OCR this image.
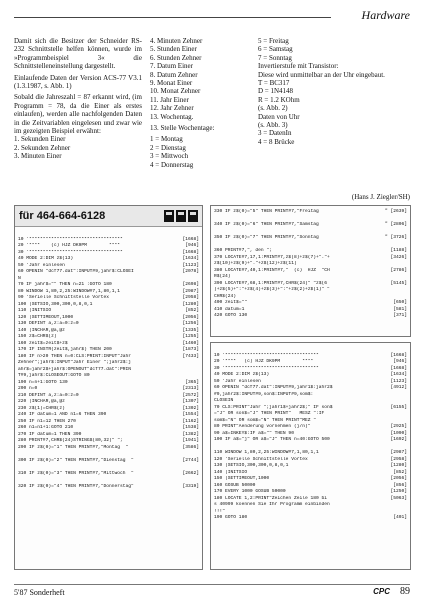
Hardware

Damit sich die Besitzer der Schneider RS-232 Schnittstelle helfen können, wurde im »Programmbeispiel 3« die Schnittstelleneinstellung dargestellt.

Einlaufende Daten der Version ACS-77 V3.1 (1.3.1987, s. Abb. 1)

Sobald die Jahreszahl = 87 erkannt wird, (im Programm = 78, da die Einer als erstes einlaufen), werden alle nachfolgenden Daten in die Zeitvariablen eingelesen und zwar wie im gezeigten Beispiel erwähnt:

1. Sekunden Einer

2. Sekunden Zehner

3. Minuten Einer

4. Minuten Zehner

5. Stunden Einer

6. Stunden Zehner

7. Datum Einer

8. Datum Zehner

9. Monat Einer

10. Monat Zehner

11. Jahr Einer

12. Jahr Zehner

13. Wochentag.

13. Stelle Wochentage:

1 = Montag

2 = Dienstag

3 = Mittwoch

4 = Donnerstag

5 = Freitag

6 = Samstag

7 = Sonntag

Invertierstufe mit Transistor:

Diese wird unmittelbar an der Uhr eingebaut.

T = BC317

D = 1N4148

R = 1.2 KOhm

(s. Abb. 2)

Daten von Uhr

(s. Abb. 3)

3 = DatenIn

4 = 8 Brücke

(Hans J. Ziegler/SH)
für 464-664-6128

10 '**********************************	[1668]
20 '****    (c) HJZ DK9PM        ****	[946]
30 '**********************************	[1668]
40 MODE 2:DIM z$(13)	[1634]
50 'Jahr einlesen	[1123]
60 OPENIN "dcf77.dat":INPUT#9,jahr$:CLOSEI	[2078]
N
70 IF jahr$="" THEN n=21 :GOTO 180	[2698]
80 WINDOW 1,80,2,25:WINDOW#7,1,80,1,1	[2987]
90 'Serielle Schnittstelle Vortex	[2958]
100 |SETSIO,300,300,0,8,0,1	[1280]
110 |INITSIO	[852]
120 |SETTIMEOUT,1000	[2056]
130 DEFINT a,z:a=0:z=0	[1256]
140 |INCHAR,@a,@z	[1335]
150 z$=CHR$(z)	[1255]
160 zeit$=zeit$+z$	[1460]
170 IF INSTR(zeit$,jahr$) THEN 200	[1873]
180 IF n>20 THEN n=0:CLS:PRINT:INPUT"Jahr	[7433]
Zehner";jahr$:INPUT"Jahr Einer ";jahr2$:j
ahr$=jahr2$+jahr$:OPENOUT"dcf77.dat":PRIN
T#9,jahr$:CLOSEOUT:GOTO 80
190 n=n+1:GOTO 130	[365]
200 n=0	[2313]
210 DEFINT a,z:a=0:z=0	[2572]
220 |INCHAR,@a,@z	[1307]
230 z$(1)=CHR$(z)	[1302]
240 IF datum=1 AND n1=6 THEN 390	[1554]
250 IF n1=12 THEN 270	[1162]
260 n1=n1+1:GOTO 210	[1538]
270 IF datum=1 THEN 390	[1382]
280 PRINT#7,CHR$(24)STRING$(80,32)" ";	[1941]
290 IF z$(0)="1" THEN PRINT#7,"Montag  "	[3586]

300 IF z$(0)="2" THEN PRINT#7,"Dienstag  "	[2744]

310 IF z$(0)="3" THEN PRINT#7,"Mittwoch  "	[2662]

320 IF z$(0)="4" THEN PRINT#7,"Donnerstag"	[3319]
330 IF z$(0)="5" THEN PRINT#7,"Freitag	" [2639]

340 IF z$(0)="6" THEN PRINT#7,"Samstag	" [2806]

350 IF z$(0)="7" THEN PRINT#7,"Sonntag	" [3726]

360 PRINT#7,", den ";	[1188]
370 LOCATE#7,17,1:PRINT#7,z$(8)+z$(7)+"."+	[3426]
z$(10)+z$(9)+"."+z$(12)+z$(11)
380 LOCATE#7,40,1:PRINT#7,"  (c)  HJZ  "CH	[2786]
R$(24)
390 LOCATE#7,68,1:PRINT#7,CHR$(24)" "z$(6	[5145]
)+z$(5)+":"+z$(4)+z$(3)+":"+z$(2)+z$(1)" "
CHR$(24)
400 zeit$=""	[650]
410 datum=1	[581]
420 GOTO 130	[371]

10 '**********************************	[1668]
20 '****   (c) HJZ DK9PM        ****	[946]
30 '**********************************	[1668]
40 MODE 2:DIM z$(13)	[1634]
50 'Jahr einlesen	[1123]
60 OPENIN "dcf77.dat":INPUT#9,jahr1$:jahr2$	[4912]
#9,jahr2$:INPUT#9,son$:INPUT#9,som$:
CLOSEIN
70 CLS:PRINT"Jahr ";jahr1$+jahr2$;" IF son$	[6155]
="J" OR son$="J" THEN PRINT"   MESZ ":IF
som$="N" OR som$="N" THEN PRINT"MEZ "
80 PRINT"Aenderung vornehmen (j/n)"	[2925]
90 a$=INKEY$:IF a$="" THEN 90	[1090]
100 IF a$="j" OR a$="J" THEN n=40:GOTO 500	[1692]

110 WINDOW 1,80,2,25:WINDOW#7,1,80,1,1	[2987]
120 'Serielle Schnittstelle Vortex	[2958]
130 |SETSIO,300,300,0,8,0,1	[1280]
140 |INITSIO	[852]
150 |SETTIMEOUT,1000	[2056]
160 GOSUB 50000	[856]
170 EVERY 1000 GOSUB 50000	[1250]
180 LOCATE 1,2:PRINT"Zeichen Zeile 180 bi	[5063]
s 40999 koennen Sie Ihr Programm einbinden
!!!"
190 GOTO 180	[401]
5'87 Sonderheft	CPC 89
